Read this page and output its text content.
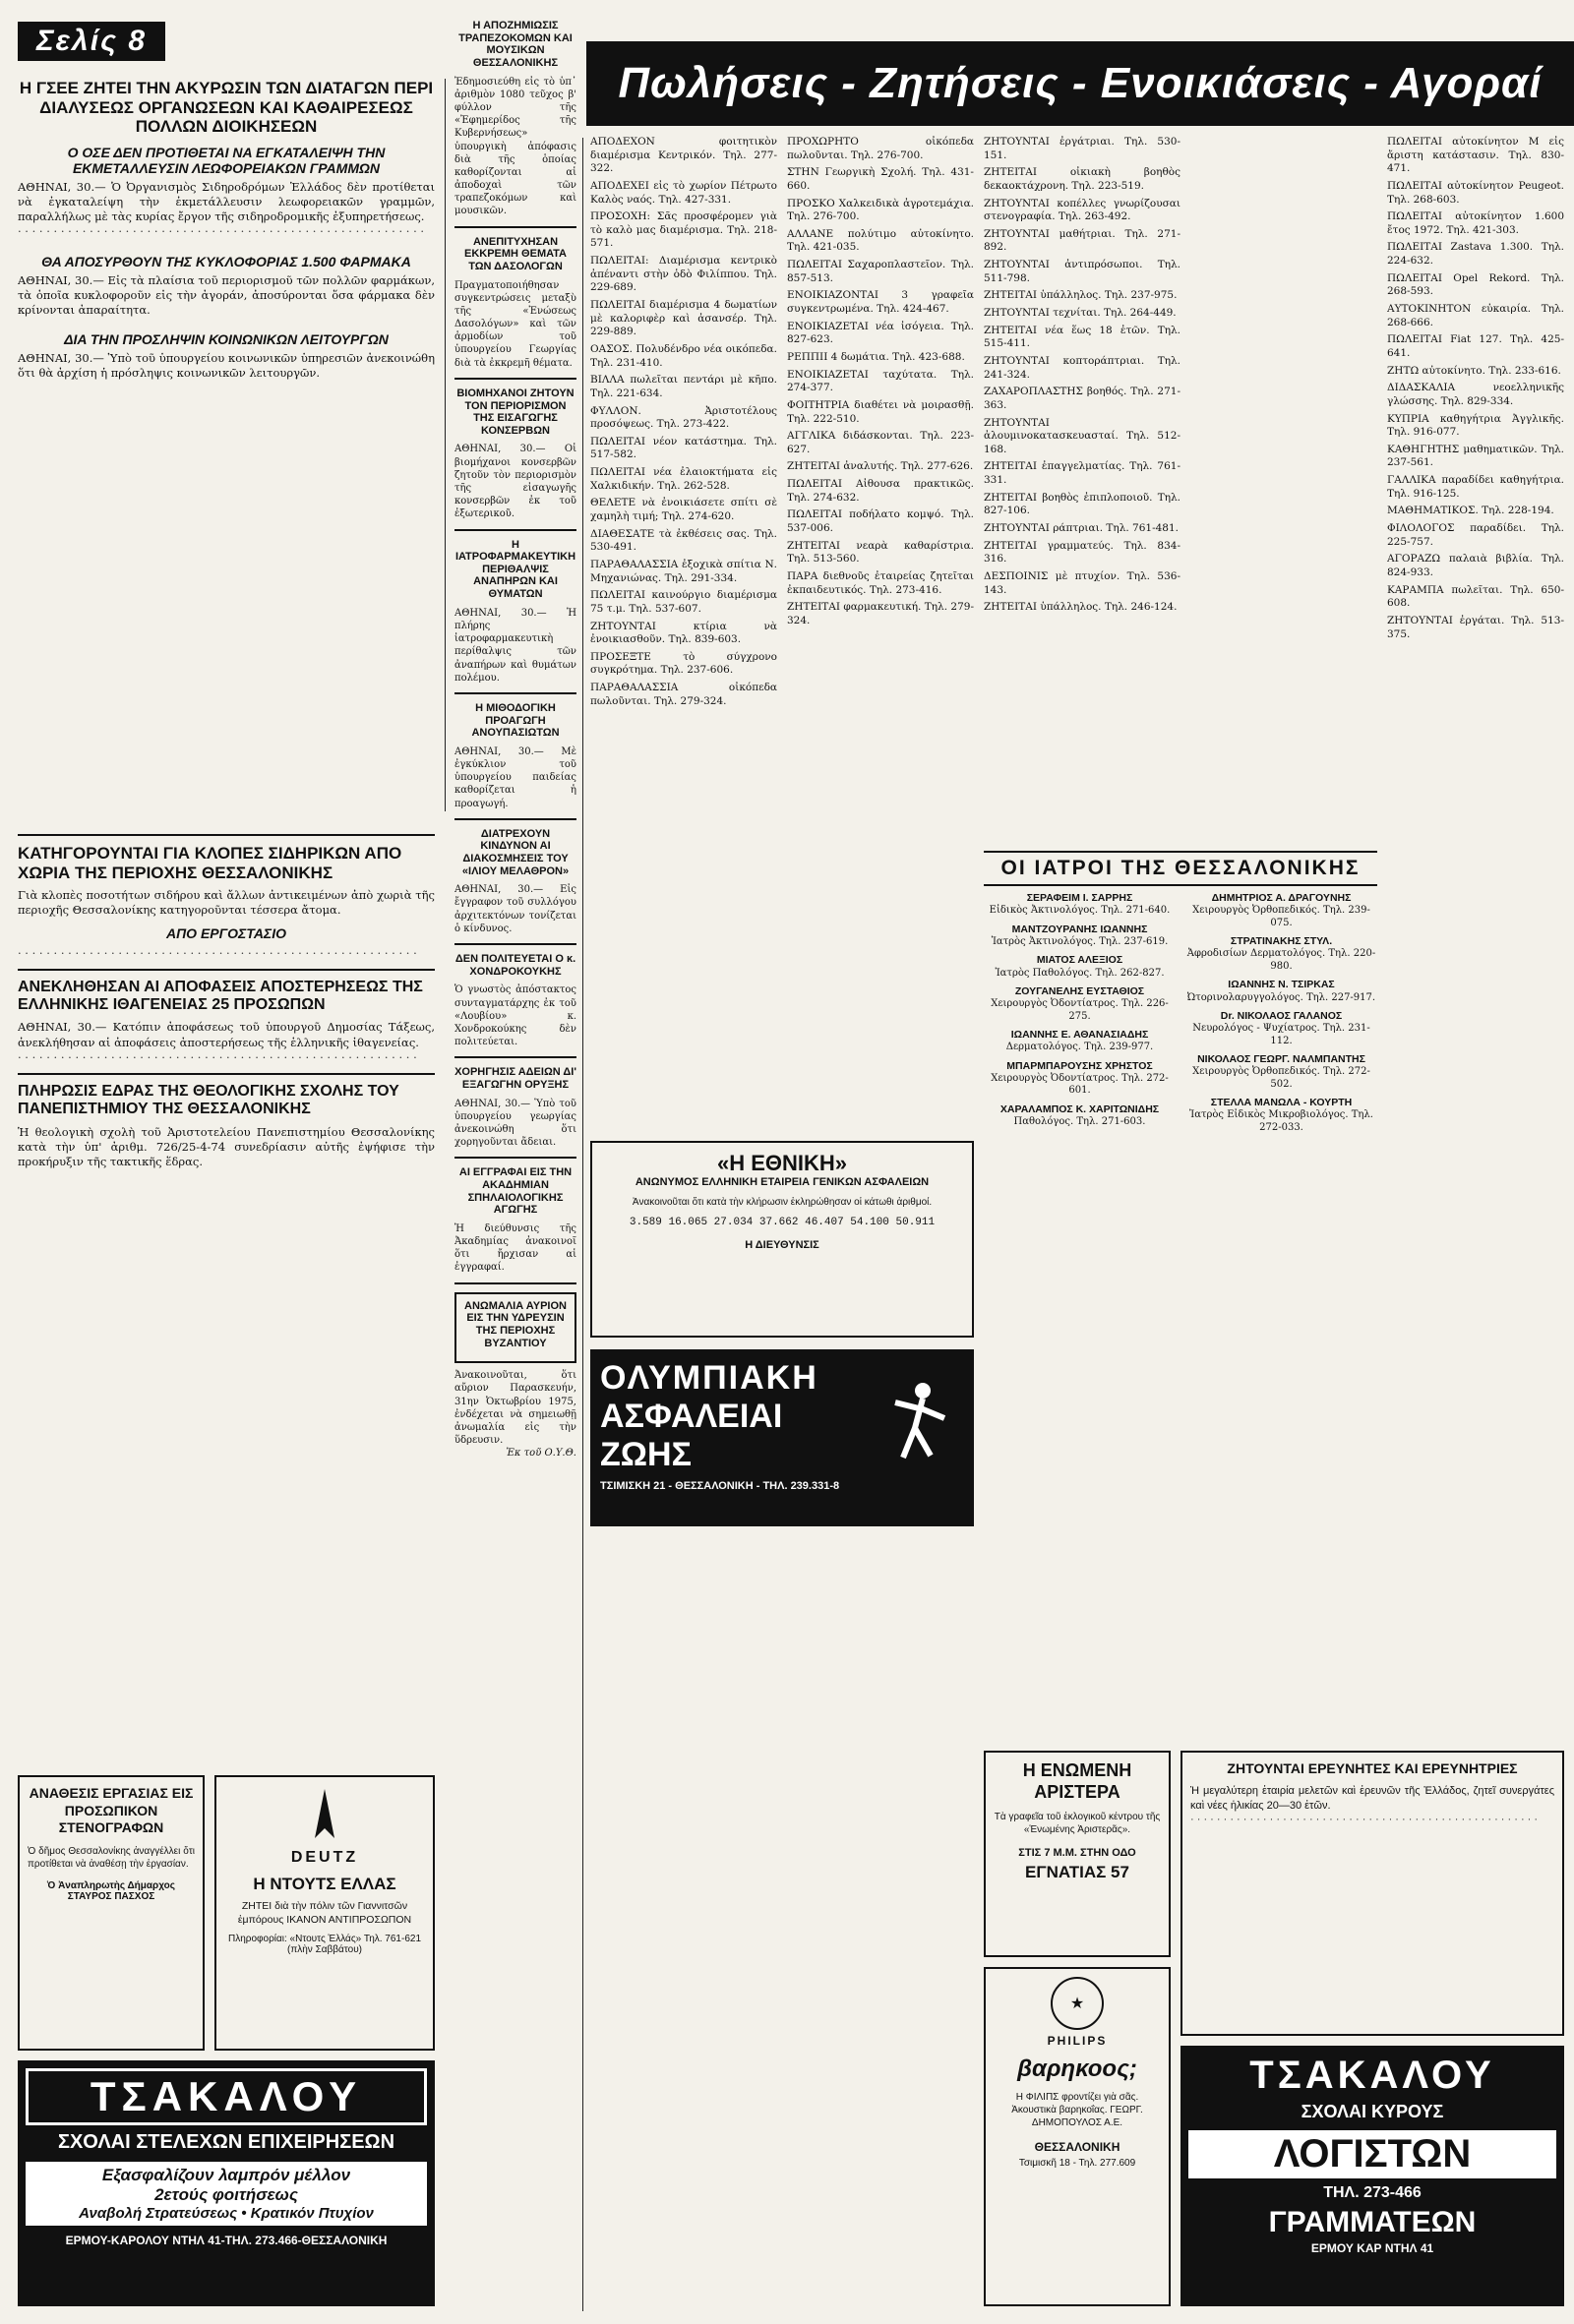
Σελίς 8
Η ΓΣΕΕ ΖΗΤΕΙ ΤΗΝ ΑΚΥΡΩΣΙΝ ΤΩΝ ΔΙΑΤΑΓΩΝ ΠΕΡΙ ΔΙΑΛΥΣΕΩΣ ΟΡΓΑΝΩΣΕΩΝ ΚΑΙ ΚΑΘΑΙΡΕΣΕΩΣ ΠΟΛΛΩΝ ΔΙΟΙΚΗΣΕΩΝ
Ο ΟΣΕ ΔΕΝ ΠΡΟΤΙΘΕΤΑΙ ΝΑ ΕΓΚΑΤΑΛΕΙΨΗ ΤΗΝ ΕΚΜΕΤΑΛΛΕΥΣΙΝ ΛΕΩΦΟΡΕΙΑΚΩΝ ΓΡΑΜΜΩΝ

ΑΘΗΝΑΙ, 30.— Ὁ Ὀργανισμὸς Σιδηροδρόμων Ἑλλάδος δὲν προτίθεται νὰ ἐγκαταλείψη τὴν ἐκμετάλλευσιν λεωφορειακῶν γραμμῶν, παραλλήλως μὲ τὰς κυρίας ἔργον τῆς σιδηροδρομικῆς ἐξυπηρετήσεως.

· · · · · · · · · · · · · · · · · · · · · · · · · · · · · · · · · · · · · · · · · · · · · · · · · · · · · · · · ·

ΘΑ ΑΠΟΣΥΡΘΟΥΝ ΤΗΣ ΚΥΚΛΟΦΟΡΙΑΣ 1.500 ΦΑΡΜΑΚΑ

ΑΘΗΝΑΙ, 30.— Εἰς τὰ πλαίσια τοῦ περιορισμοῦ τῶν πολλῶν φαρμάκων, τὰ ὁποῖα κυκλοφοροῦν εἰς τὴν ἀγοράν, ἀποσύρονται ὅσα φάρμακα δὲν κρίνονται ἀπαραίτητα.

ΔΙΑ ΤΗΝ ΠΡΟΣΛΗΨΙΝ ΚΟΙΝΩΝΙΚΩΝ ΛΕΙΤΟΥΡΓΩΝ

ΑΘΗΝΑΙ, 30.— Ὑπὸ τοῦ ὑπουργείου κοινωνικῶν ὑπηρεσιῶν ἀνεκοινώθη ὅτι θὰ ἀρχίση ἡ πρόσληψις κοινωνικῶν λειτουργῶν.

Η ΑΠΟΖΗΜΙΩΣΙΣ ΤΡΑΠΕΖΟΚΟΜΩΝ ΚΑΙ ΜΟΥΣΙΚΩΝ ΘΕΣΣΑΛΟΝΙΚΗΣ

Ἐδημοσιεύθη εἰς τὸ ὑπ᾽ ἀριθμὸν 1080 τεῦχος β' φύλλον τῆς «Ἐφημερίδος τῆς Κυβερνήσεως» ὑπουργικὴ ἀπόφασις διὰ τῆς ὁποίας καθορίζονται αἱ ἀποδοχαὶ τῶν τραπεζοκόμων καὶ μουσικῶν.

ΑΝΕΠΙΤΥΧΗΣΑΝ ΕΚΚΡΕΜΗ ΘΕΜΑΤΑ ΤΩΝ ΔΑΣΟΛΟΓΩΝ

Πραγματοποιήθησαν συγκεντρώσεις μεταξὺ τῆς «Ἐνώσεως Δασολόγων» καὶ τῶν ἁρμοδίων τοῦ ὑπουργείου Γεωργίας διὰ τὰ ἐκκρεμῆ θέματα.

ΒΙΟΜΗΧΑΝΟΙ ΖΗΤΟΥΝ ΤΟΝ ΠΕΡΙΟΡΙΣΜΟΝ ΤΗΣ ΕΙΣΑΓΩΓΗΣ ΚΟΝΣΕΡΒΩΝ

ΑΘΗΝΑΙ, 30.— Οἱ βιομήχανοι κονσερβῶν ζητοῦν τὸν περιορισμὸν τῆς εἰσαγωγῆς κονσερβῶν ἐκ τοῦ ἐξωτερικοῦ.

Η ΙΑΤΡΟΦΑΡΜΑΚΕΥΤΙΚΗ ΠΕΡΙΘΑΛΨΙΣ ΑΝΑΠΗΡΩΝ ΚΑΙ ΘΥΜΑΤΩΝ

ΑΘΗΝΑΙ, 30.— Ἡ πλήρης ἰατροφαρμακευτικὴ περίθαλψις τῶν ἀναπήρων καὶ θυμάτων πολέμου.

Η ΜΙΘΟΔΟΓΙΚΗ ΠΡΟΑΓΩΓΗ ΑΝΟΥΠΑΣΙΩΤΩΝ

ΑΘΗΝΑΙ, 30.— Μὲ ἐγκύκλιον τοῦ ὑπουργείου παιδείας καθορίζεται ἡ προαγωγή.

ΔΙΑΤΡΕΧΟΥΝ ΚΙΝΔΥΝΟΝ ΑΙ ΔΙΑΚΟΣΜΗΣΕΙΣ ΤΟΥ «ΙΛΙΟΥ ΜΕΛΑΘΡΟΝ»

ΑΘΗΝΑΙ, 30.— Εἰς ἔγγραφον τοῦ συλλόγου ἀρχιτεκτόνων τονίζεται ὁ κίνδυνος.

ΔΕΝ ΠΟΛΙΤΕΥΕΤΑΙ Ο κ. ΧΟΝΔΡΟΚΟΥΚΗΣ

Ὁ γνωστὸς ἀπόστακτος συνταγματάρχης ἐκ τοῦ «Λουβίου» κ. Χονδροκούκης δὲν πολιτεύεται.

ΧΟΡΗΓΗΣΙΣ ΑΔΕΙΩΝ ΔΙ' ΕΞΑΓΩΓΗΝ ΟΡΥΞΗΣ

ΑΘΗΝΑΙ, 30.— Ὑπὸ τοῦ ὑπουργείου γεωργίας ἀνεκοινώθη ὅτι χορηγοῦνται ἄδειαι.

ΑΙ ΕΓΓΡΑΦΑΙ ΕΙΣ ΤΗΝ ΑΚΑΔΗΜΙΑΝ ΣΠΗΛΑΙΟΛΟΓΙΚΗΣ ΑΓΩΓΗΣ

Ἡ διεύθυνσις τῆς Ἀκαδημίας ἀνακοινοῖ ὅτι ἤρχισαν αἱ ἐγγραφαί.

ΑΝΩΜΑΛΙΑ ΑΥΡΙΟΝ ΕΙΣ ΤΗΝ ΥΔΡΕΥΣΙΝ ΤΗΣ ΠΕΡΙΟΧΗΣ ΒΥΖΑΝΤΙΟΥ

Ἀνακοινοῦται, ὅτι αὔριον Παρασκευήν, 31ην Ὀκτωβρίου 1975, ἐνδέχεται νὰ σημειωθῇ ἀνωμαλία εἰς τὴν ὕδρευσιν.

Ἐκ τοῦ Ο.Υ.Θ.

ΚΑΤΗΓΟΡΟΥΝΤΑΙ ΓΙΑ ΚΛΟΠΕΣ ΣΙΔΗΡΙΚΩΝ ΑΠΟ ΧΩΡΙΑ ΤΗΣ ΠΕΡΙΟΧΗΣ ΘΕΣΣΑΛΟΝΙΚΗΣ

Γιὰ κλοπὲς ποσοτήτων σιδήρου καὶ ἄλλων ἀντικειμένων ἀπὸ χωριὰ τῆς περιοχῆς Θεσσαλονίκης κατηγοροῦνται τέσσερα ἄτομα.

ΑΠΟ ΕΡΓΟΣΤΑΣΙΟ

· · · · · · · · · · · · · · · · · · · · · · · · · · · · · · · · · · · · · · · · · · · · · · · · · · · · · · · ·

ΑΝΕΚΛΗΘΗΣΑΝ ΑΙ ΑΠΟΦΑΣΕΙΣ ΑΠΟΣΤΕΡΗΣΕΩΣ ΤΗΣ ΕΛΛΗΝΙΚΗΣ ΙΘΑΓΕΝΕΙΑΣ 25 ΠΡΟΣΩΠΩΝ

ΑΘΗΝΑΙ, 30.— Κατόπιν ἀποφάσεως τοῦ ὑπουργοῦ Δημοσίας Τάξεως, ἀνεκλήθησαν αἱ ἀποφάσεις ἀποστερήσεως τῆς ἑλληνικῆς ἰθαγενείας.

· · · · · · · · · · · · · · · · · · · · · · · · · · · · · · · · · · · · · · · · · · · · · · · · · · · · · · · ·

ΠΛΗΡΩΣΙΣ ΕΔΡΑΣ ΤΗΣ ΘΕΟΛΟΓΙΚΗΣ ΣΧΟΛΗΣ ΤΟΥ ΠΑΝΕΠΙΣΤΗΜΙΟΥ ΤΗΣ ΘΕΣΣΑΛΟΝΙΚΗΣ

Ἡ θεολογικὴ σχολὴ τοῦ Ἀριστοτελείου Πανεπιστημίου Θεσσαλονίκης κατὰ τὴν ὑπ' ἀριθμ. 726/25-4-74 συνεδρίασιν αὐτῆς ἐψήφισε τὴν προκήρυξιν τῆς τακτικῆς ἕδρας.

ΑΝΑΘΕΣΙΣ ΕΡΓΑΣΙΑΣ ΕΙΣ ΠΡΟΣΩΠΙΚΟΝ ΣΤΕΝΟΓΡΑΦΩΝ

Ὁ δῆμος Θεσσαλονίκης ἀναγγέλλει ὅτι προτίθεται νὰ ἀναθέσῃ τὴν ἐργασίαν.

Ὁ Ἀναπληρωτὴς Δήμαρχος ΣΤΑΥΡΟΣ ΠΑΣΧΟΣ

DEUTZ
Η ΝΤΟΥΤΣ ΕΛΛΑΣ

ΖΗΤΕΙ διὰ τὴν πόλιν τῶν Γιαννιτσῶν ἐμπόρους ΙΚΑΝΟΝ ΑΝΤΙΠΡΟΣΩΠΟΝ

Πληροφορίαι: «Ντουτς Ἑλλάς» Τηλ. 761-621 (πλὴν Σαββάτου)

ΤΣΑΚΑΛΟΥ
ΣΧΟΛΑΙ ΣΤΕΛΕΧΩΝ ΕΠΙΧΕΙΡΗΣΕΩΝ
Εξασφαλίζουν λαμπρόν μέλλον
2ετούς φοιτήσεως
Αναβολή Στρατεύσεως • Κρατικόν Πτυχίον
ΕΡΜΟΥ-ΚΑΡΟΛΟΥ ΝΤΗΛ 41-ΤΗΛ. 273.466-ΘΕΣΣΑΛΟΝΙΚΗ
Πωλήσεις - Ζητήσεις - Ενοικιάσεις - Αγοραί

ΑΠΟΔΕΧΟΝ φοιτητικὸν διαμέρισμα Κεντρικόν. Τηλ. 277-322.

ΑΠΟΔΕΧΕΙ εἰς τὸ χωρίον Πέτρωτο Καλὸς ναός. Τηλ. 427-331.

ΠΡΟΣΟΧΗ: Σᾶς προσφέρομεν γιὰ τὸ καλὸ μας διαμέρισμα. Τηλ. 218-571.

ΠΩΛΕΙΤΑΙ: Διαμέρισμα κεντρικὸ ἀπέναντι στὴν ὁδὸ Φιλίππου. Τηλ. 229-689.

ΠΩΛΕΙΤΑΙ διαμέρισμα 4 δωματίων μὲ καλοριφὲρ καὶ ἀσανσέρ. Τηλ. 229-889.

ΟΑΣΟΣ. Πολυδένδρο νέα οικόπεδα. Τηλ. 231-410.

ΒΙΛΛΑ πωλεῖται πεντάρι μὲ κῆπο. Τηλ. 221-634.

ΦΥΛΛΟΝ. Ἀριστοτέλους προσόψεως. Τηλ. 273-422.

ΠΩΛΕΙΤΑΙ νέον κατάστημα. Τηλ. 517-582.

ΠΩΛΕΙΤΑΙ νέα ἐλαιοκτήματα εἰς Χαλκιδικήν. Τηλ. 262-528.

ΘΕΛΕΤΕ νὰ ἐνοικιάσετε σπίτι σὲ χαμηλὴ τιμή; Τηλ. 274-620.

ΔΙΑΘΕΣΑΤΕ τὰ ἐκθέσεις σας. Τηλ. 530-491.

ΠΑΡΑΘΑΛΑΣΣΙΑ ἐξοχικὰ σπίτια Ν. Μηχανιώνας. Τηλ. 291-334.

ΠΩΛΕΙΤΑΙ καινούργιο διαμέρισμα 75 τ.μ. Τηλ. 537-607.

ΖΗΤΟΥΝΤΑΙ κτίρια νὰ ἐνοικιασθοῦν. Τηλ. 839-603.

ΠΡΟΣΕΞΤΕ τὸ σύγχρονο συγκρότημα. Τηλ. 237-606.

ΠΑΡΑΘΑΛΑΣΣΙΑ οἰκόπεδα πωλοῦνται. Τηλ. 279-324.

ΠΡΟΧΩΡΗΤΟ οἰκόπεδα πωλοῦνται. Τηλ. 276-700.

ΣΤΗΝ Γεωργικὴ Σχολή. Τηλ. 431-660.

ΠΡΟΣΚΟ Χαλκειδικὰ ἀγροτεμάχια. Τηλ. 276-700.

ΑΛΛΑΝΕ πολύτιμο αὐτοκίνητο. Τηλ. 421-035.

ΠΩΛΕΙΤΑΙ Σαχαροπλαστεῖον. Τηλ. 857-513.

ΕΝΟΙΚΙΑΖΟΝΤΑΙ 3 γραφεῖα συγκεντρωμένα. Τηλ. 424-467.

ΕΝΟΙΚΙΑΖΕΤΑΙ νέα ἰσόγεια. Τηλ. 827-623.

ΡΕΠΠΙΙ 4 δωμάτια. Τηλ. 423-688.

ΕΝΟΙΚΙΑΖΕΤΑΙ ταχύτατα. Τηλ. 274-377.

ΦΟΙΤΗΤΡΙΑ διαθέτει νὰ μοιρασθῇ. Τηλ. 222-510.

ΑΓΓΛΙΚΑ διδάσκονται. Τηλ. 223-627.

ΖΗΤΕΙΤΑΙ ἀναλυτής. Τηλ. 277-626.

ΠΩΛΕΙΤΑΙ Αἰθουσα πρακτικῶς. Τηλ. 274-632.

ΠΩΛΕΙΤΑΙ ποδήλατο κομψό. Τηλ. 537-006.

ΖΗΤΕΙΤΑΙ νεαρὰ καθαρίστρια. Τηλ. 513-560.

ΠΑΡΑ διεθνοῦς ἐταιρείας ζητεῖται ἐκπαιδευτικός. Τηλ. 273-416.

ΖΗΤΕΙΤΑΙ φαρμακευτική. Τηλ. 279-324.

ΖΗΤΟΥΝΤΑΙ ἐργάτριαι. Τηλ. 530-151.

ΖΗΤΕΙΤΑΙ οἰκιακὴ βοηθὸς δεκαοκτάχρονη. Τηλ. 223-519.

ΖΗΤΟΥΝΤΑΙ κοπέλλες γνωρίζουσαι στενογραφία. Τηλ. 263-492.

ΖΗΤΟΥΝΤΑΙ μαθήτριαι. Τηλ. 271-892.

ΖΗΤΟΥΝΤΑΙ ἀντιπρόσωποι. Τηλ. 511-798.

ΖΗΤΕΙΤΑΙ ὑπάλληλος. Τηλ. 237-975.

ΖΗΤΟΥΝΤΑΙ τεχνίται. Τηλ. 264-449.

ΖΗΤΕΙΤΑΙ νέα ἕως 18 ἐτῶν. Τηλ. 515-411.

ΖΗΤΟΥΝΤΑΙ κοπτοράπτριαι. Τηλ. 241-324.

ΖΑΧΑΡΟΠΛΑΣΤΗΣ βοηθός. Τηλ. 271-363.

ΖΗΤΟΥΝΤΑΙ ἀλουμινοκατασκευασταί. Τηλ. 512-168.

ΖΗΤΕΙΤΑΙ ἐπαγγελματίας. Τηλ. 761-331.

ΖΗΤΕΙΤΑΙ βοηθὸς ἐπιπλοποιοῦ. Τηλ. 827-106.

ΖΗΤΟΥΝΤΑΙ ράπτριαι. Τηλ. 761-481.

ΖΗΤΕΙΤΑΙ γραμματεύς. Τηλ. 834-316.

ΔΕΣΠΟΙΝΙΣ μὲ πτυχίον. Τηλ. 536-143.

ΖΗΤΕΙΤΑΙ ὑπάλληλος. Τηλ. 246-124.

ΠΩΛΕΙΤΑΙ αὐτοκίνητον Μ εἰς ἄριστη κατάστασιν. Τηλ. 830-471.

ΠΩΛΕΙΤΑΙ αὐτοκίνητον Peugeot. Τηλ. 268-603.

ΠΩΛΕΙΤΑΙ αὐτοκίνητον 1.600 ἔτος 1972. Τηλ. 421-303.

ΠΩΛΕΙΤΑΙ Zastava 1.300. Τηλ. 224-632.

ΠΩΛΕΙΤΑΙ Opel Rekord. Τηλ. 268-593.

ΑΥΤΟΚΙΝΗΤΟΝ εὐκαιρία. Τηλ. 268-666.

ΠΩΛΕΙΤΑΙ Fiat 127. Τηλ. 425-641.

ΖΗΤΩ αὐτοκίνητο. Τηλ. 233-616.

ΔΙΔΑΣΚΑΛΙΑ νεοελληνικῆς γλώσσης. Τηλ. 829-334.

ΚΥΠΡΙΑ καθηγήτρια Ἀγγλικῆς. Τηλ. 916-077.

ΚΑΘΗΓΗΤΗΣ μαθηματικῶν. Τηλ. 237-561.

ΓΑΛΛΙΚΑ παραδίδει καθηγήτρια. Τηλ. 916-125.

ΜΑΘΗΜΑΤΙΚΟΣ. Τηλ. 228-194.

ΦΙΛΟΛΟΓΟΣ παραδίδει. Τηλ. 225-757.

ΑΓΟΡΑΖΩ παλαιὰ βιβλία. Τηλ. 824-933.

ΚΑΡΑΜΠΑ πωλεῖται. Τηλ. 650-608.

ΖΗΤΟΥΝΤΑΙ ἐργάται. Τηλ. 513-375.

ΟΙ ΙΑΤΡΟΙ ΤΗΣ ΘΕΣΣΑΛΟΝΙΚΗΣ
ΣΕΡΑΦΕΙΜ Ι. ΣΑΡΡΗΣ
Εἰδικὸς Ἀκτινολόγος. Τηλ. 271-640.
ΜΑΝΤΖΟΥΡΑΝΗΣ ΙΩΑΝΝΗΣ
Ἰατρὸς Ἀκτινολόγος. Τηλ. 237-619.
ΜΙΑΤΟΣ ΑΛΕΞΙΟΣ
Ἰατρὸς Παθολόγος. Τηλ. 262-827.
ΖΟΥΓΑΝΕΛΗΣ ΕΥΣΤΑΘΙΟΣ
Χειρουργὸς Ὀδοντίατρος. Τηλ. 226-275.
ΙΩΑΝΝΗΣ Ε. ΑΘΑΝΑΣΙΑΔΗΣ
Δερματολόγος. Τηλ. 239-977.
ΜΠΑΡΜΠΑΡΟΥΣΗΣ ΧΡΗΣΤΟΣ
Χειρουργὸς Ὀδοντίατρος. Τηλ. 272-601.
ΧΑΡΑΛΑΜΠΟΣ Κ. ΧΑΡΙΤΩΝΙΔΗΣ
Παθολόγος. Τηλ. 271-603.
ΔΗΜΗΤΡΙΟΣ Α. ΔΡΑΓΟΥΝΗΣ
Χειρουργὸς Ὀρθοπεδικός. Τηλ. 239-075.
ΣΤΡΑΤΙΝΑΚΗΣ ΣΤΥΛ.
Ἀφροδισίων Δερματολόγος. Τηλ. 220-980.
ΙΩΑΝΝΗΣ Ν. ΤΣΙΡΚΑΣ
Ὠτορινολαρυγγολόγος. Τηλ. 227-917.
Dr. ΝΙΚΟΛΑΟΣ ΓΑΛΑΝΟΣ
Νευρολόγος - Ψυχίατρος. Τηλ. 231-112.
ΝΙΚΟΛΑΟΣ ΓΕΩΡΓ. ΝΑΛΜΠΑΝΤΗΣ
Χειρουργὸς Ὀρθοπεδικός. Τηλ. 272-502.
ΣΤΕΛΛΑ ΜΑΝΩΛΑ - ΚΟΥΡΤΗ
Ἰατρὸς Εἰδικὸς Μικροβιολόγος. Τηλ. 272-033.
«Η ΕΘΝΙΚΗ»
ΑΝΩΝΥΜΟΣ ΕΛΛΗΝΙΚΗ ΕΤΑΙΡΕΙΑ ΓΕΝΙΚΩΝ ΑΣΦΑΛΕΙΩΝ

Ἀνακοινοῦται ὅτι κατὰ τὴν κλήρωσιν ἐκληρώθησαν οἱ κάτωθι ἀριθμοί.

3.589 16.065 27.034 37.662 46.407 54.100 50.911

Η ΔΙΕΥΘΥΝΣΙΣ

ΟΛΥΜΠΙΑΚΗ
ΑΣΦΑΛΕΙΑΙ
ΖΩΗΣ
ΤΣΙΜΙΣΚΗ 21 - ΘΕΣΣΑΛΟΝΙΚΗ - ΤΗΛ. 239.331-8
Η ΕΝΩΜΕΝΗ ΑΡΙΣΤΕΡΑ

Τὰ γραφεῖα τοῦ ἐκλογικοῦ κέντρου τῆς «Ἑνωμένης Ἀριστερᾶς».

ΣΤΙΣ 7 Μ.Μ. ΣΤΗΝ ΟΔΟ
ΕΓΝΑΤΙΑΣ 57
★
PHILIPS
βαρηκοος;

Η ΦΙΛΙΠΣ φροντίζει γιὰ σᾶς. Ἀκουστικὰ βαρηκοΐας. ΓΕΩΡΓ. ΔΗΜΟΠΟΥΛΟΣ Α.Ε.

ΘΕΣΣΑΛΟΝΙΚΗ
Τσιμισκῆ 18 - Τηλ. 277.609
ΖΗΤΟΥΝΤΑΙ ΕΡΕΥΝΗΤΕΣ ΚΑΙ ΕΡΕΥΝΗΤΡΙΕΣ

Ἡ μεγαλύτερη ἑταιρία μελετῶν καὶ ἐρευνῶν τῆς Ἑλλάδος, ζητεῖ συνεργάτες καὶ νέες ἡλικίας 20—30 ἐτῶν.

· · · · · · · · · · · · · · · · · · · · · · · · · · · · · · · · · · · · · · · · · · · · · · · · · · · · ·

ΤΣΑΚΑΛΟΥ
ΣΧΟΛΑΙ ΚΥΡΟΥΣ
ΛΟΓΙΣΤΩΝ
ΤΗΛ. 273-466
ΓΡΑΜΜΑΤΕΩΝ
ΕΡΜΟΥ ΚΑΡ ΝΤΗΛ 41
